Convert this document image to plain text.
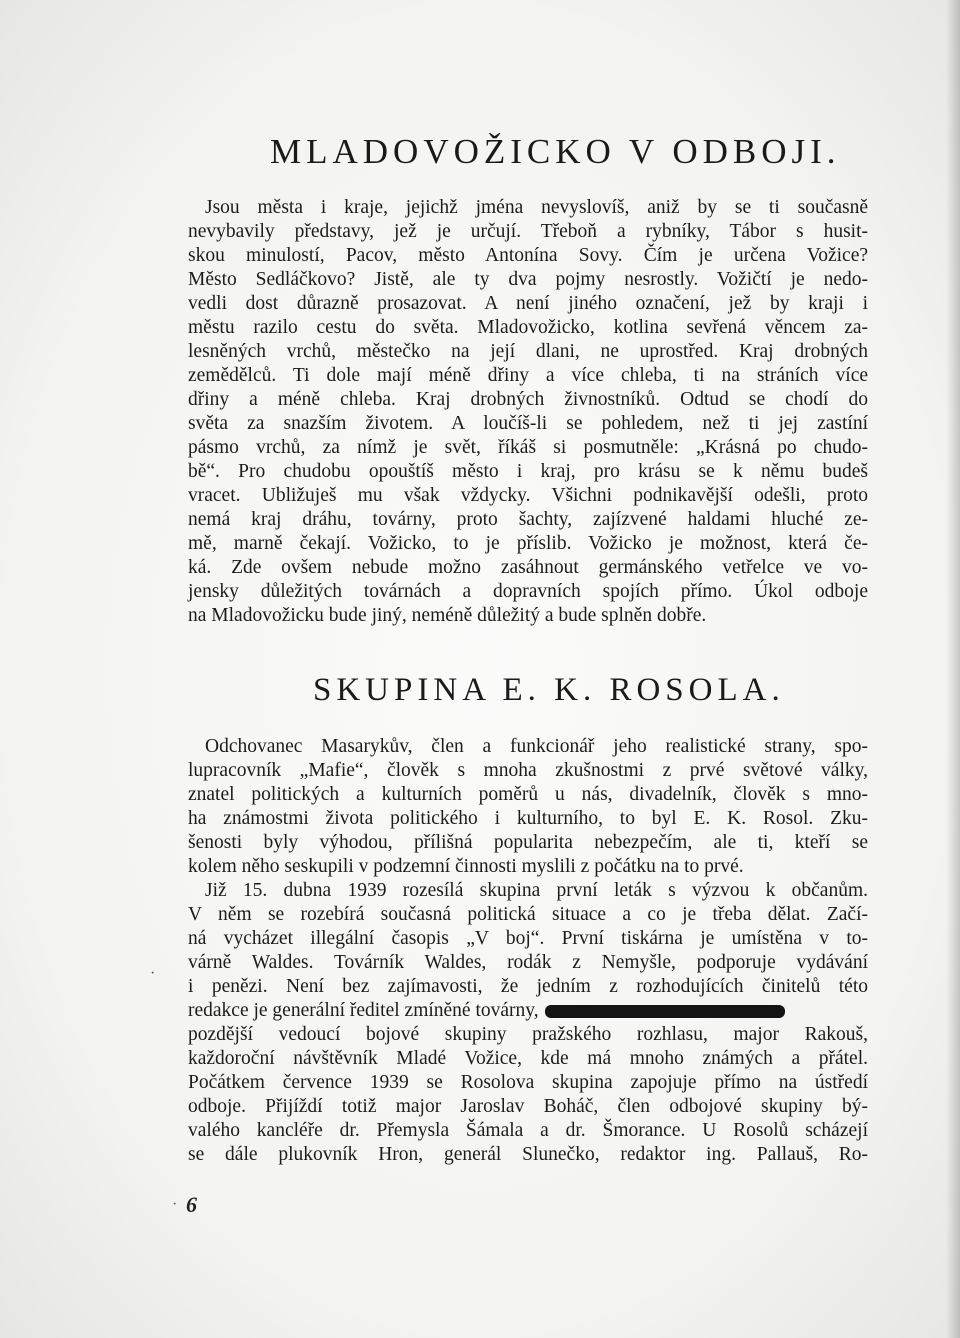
MLADOVOŽICKO V ODBOJI.
Jsou města i kraje, jejichž jména nevyslovíš, aniž by se ti současně
nevybavily představy, jež je určují. Třeboň a rybníky, Tábor s husit-
skou minulostí, Pacov, město Antonína Sovy. Čím je určena Vožice?
Město Sedláčkovo? Jistě, ale ty dva pojmy nesrostly. Vožičtí je nedo-
vedli dost důrazně prosazovat. A není jiného označení, jež by kraji i
městu razilo cestu do světa. Mladovožicko, kotlina sevřená věncem za-
lesněných vrchů, městečko na její dlani, ne uprostřed. Kraj drobných
zemědělců. Ti dole mají méně dřiny a více chleba, ti na stráních více
dřiny a méně chleba. Kraj drobných živnostníků. Odtud se chodí do
světa za snazším životem. A loučíš-li se pohledem, než ti jej zastíní
pásmo vrchů, za nímž je svět, říkáš si posmutněle: „Krásná po chudo-
bě“. Pro chudobu opouštíš město i kraj, pro krásu se k němu budeš
vracet. Ubližuješ mu však vždycky. Všichni podnikavější odešli, proto
nemá kraj dráhu, továrny, proto šachty, zajízvené haldami hluché ze-
mě, marně čekají. Vožicko, to je příslib. Vožicko je možnost, která če-
ká. Zde ovšem nebude možno zasáhnout germánského vetřelce ve vo-
jensky důležitých továrnách a dopravních spojích přímo. Úkol odboje
na Mladovožicku bude jiný, neméně důležitý a bude splněn dobře.
SKUPINA E. K. ROSOLA.
Odchovanec Masarykův, člen a funkcionář jeho realistické strany, spo-
lupracovník „Mafie“, člověk s mnoha zkušnostmi z prvé světové války,
znatel politických a kulturních poměrů u nás, divadelník, člověk s mno-
ha známostmi života politického i kulturního, to byl E. K. Rosol. Zku-
šenosti byly výhodou, přílišná popularita nebezpečím, ale ti, kteří se
kolem něho seskupili v podzemní činnosti myslili z počátku na to prvé.
Již 15. dubna 1939 rozesílá skupina první leták s výzvou k občanům.
V něm se rozebírá současná politická situace a co je třeba dělat. Začí-
ná vycházet illegální časopis „V boj“. První tiskárna je umístěna v to-
várně Waldes. Továrník Waldes, rodák z Nemyšle, podporuje vydávání
i penězi. Není bez zajímavosti, že jedním z rozhodujících činitelů této
redakce je generální ředitel zmíněné továrny,
pozdější vedoucí bojové skupiny pražského rozhlasu, major Rakouš,
každoroční návštěvník Mladé Vožice, kde má mnoho známých a přátel.
Počátkem července 1939 se Rosolova skupina zapojuje přímo na ústředí
odboje. Přijíždí totiž major Jaroslav Boháč, člen odbojové skupiny bý-
valého kancléře dr. Přemysla Šámala a dr. Šmorance. U Rosolů scházejí
se dále plukovník Hron, generál Slunečko, redaktor ing. Pallauš, Ro-
6
·
·
